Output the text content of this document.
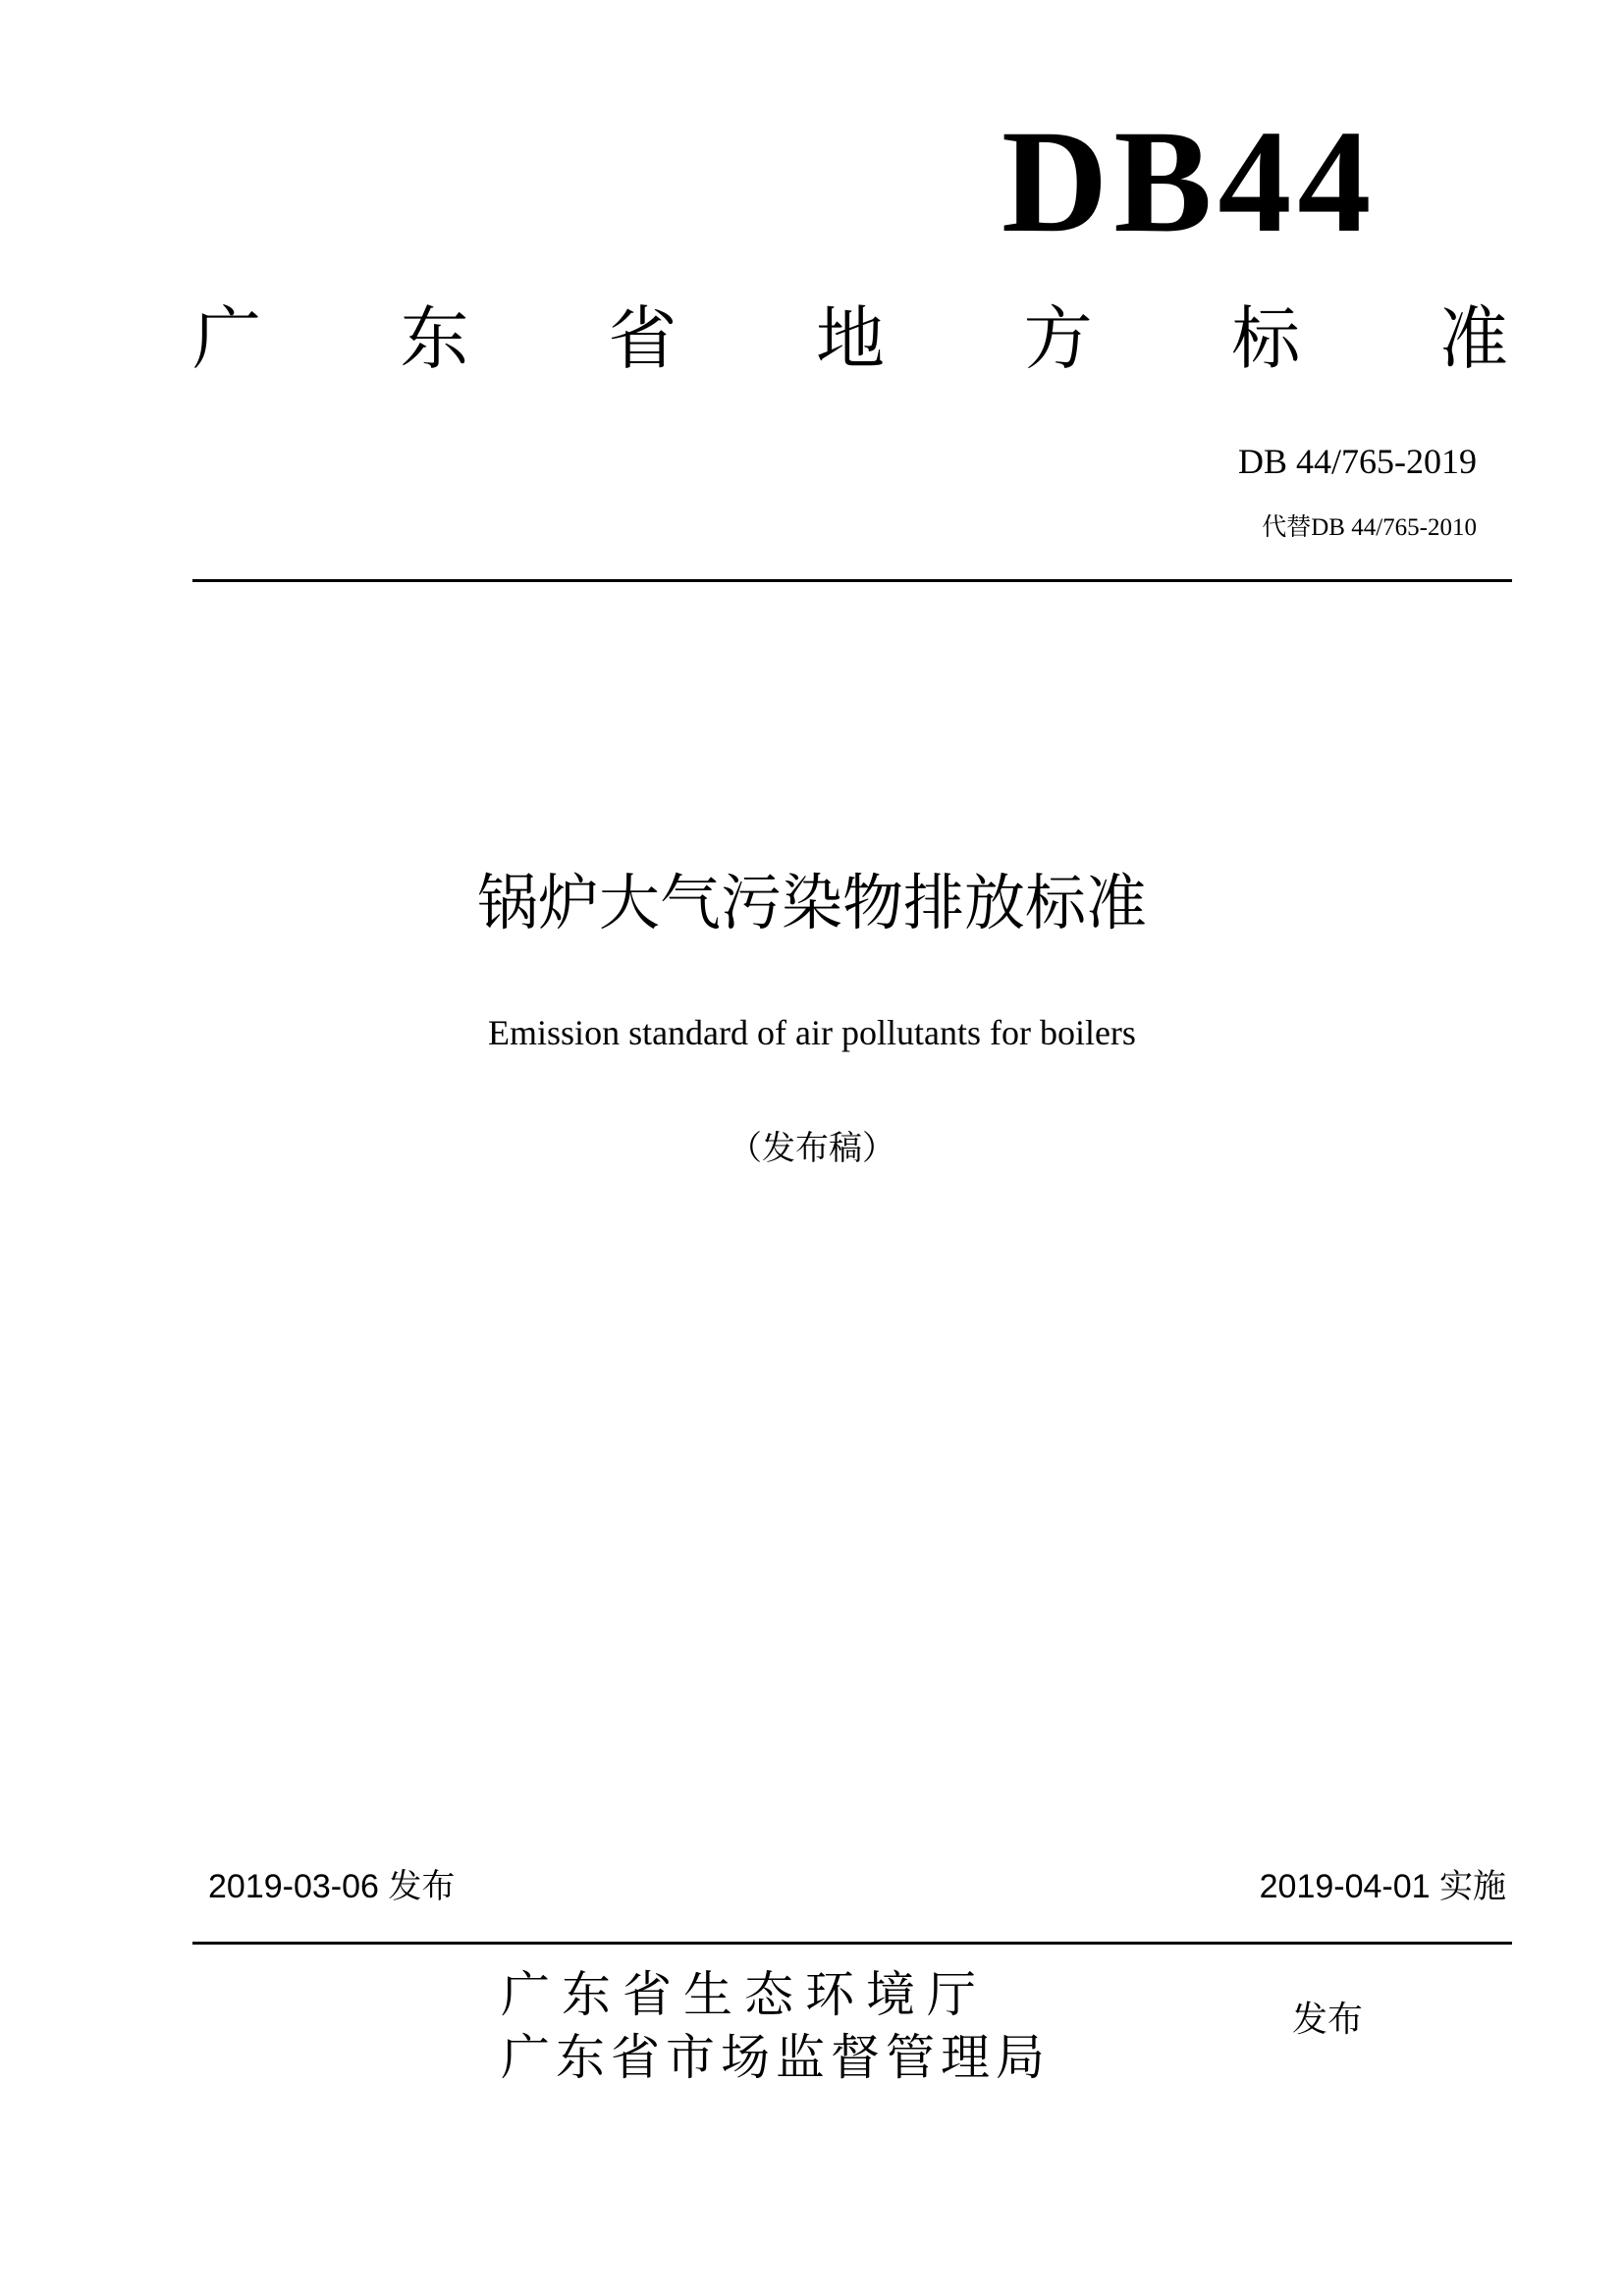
DB44
广 东 省 地 方 标 准
DB 44/765-2019
代替DB 44/765-2010
锅炉大气污染物排放标准
Emission standard of air pollutants for boilers
（发布稿）
2019-03-06 发布	2019-04-01 实施
广东省生态环境厅
广东省市场监督管理局
发布
